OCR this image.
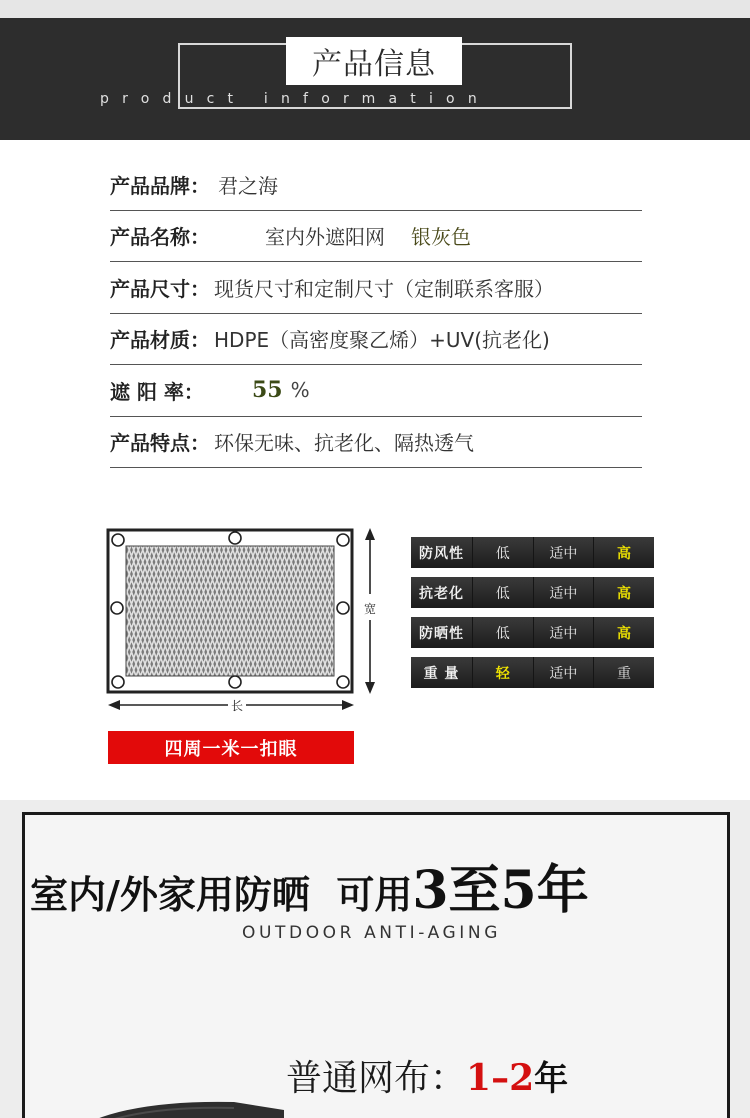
产品信息
product information
产品品牌： 君之海
产品名称：	室内外遮阳网 银灰色
产品尺寸： 现货尺寸和定制尺寸（定制联系客服）
产品材质： HDPE（高密度聚乙烯）+UV(抗老化)
遮 阳 率： 55 %
产品特点： 环保无味、抗老化、隔热透气
宽
长
四周一米一扣眼
防风性	低	适中	高
抗老化	低	适中	高
防晒性	低	适中	高
重 量	轻	适中	重
室内/外家用防晒  可用3至5年
OUTDOOR ANTI-AGING
普通网布：1–2年
